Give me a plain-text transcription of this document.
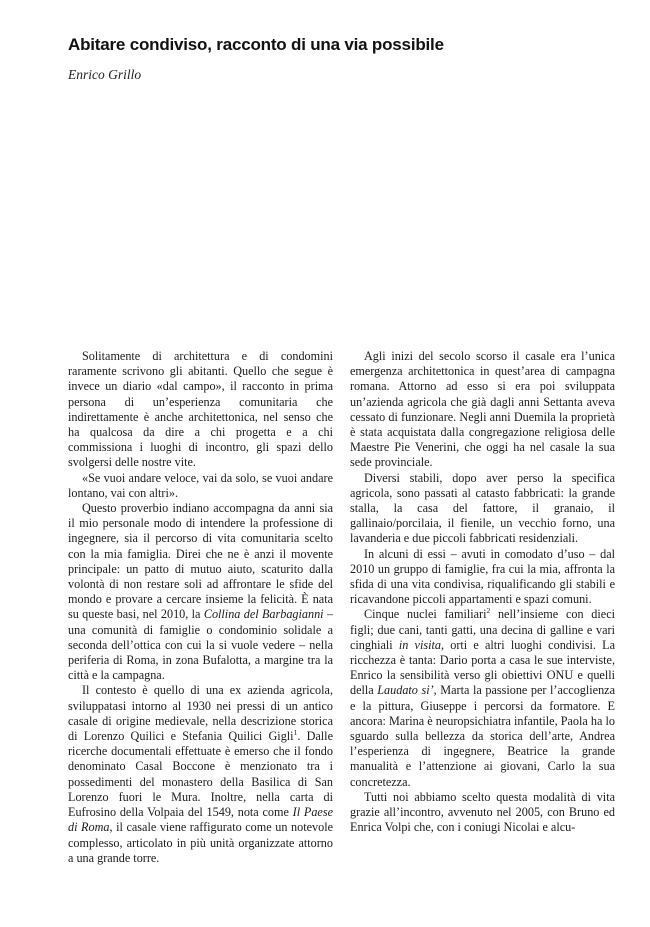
Abitare condiviso, racconto di una via possibile

Enrico Grillo

Solitamente di architettura e di condomini raramente scrivono gli abitanti. Quello che segue è invece un diario «dal campo», il racconto in prima persona di un’esperienza comunitaria che indirettamente è anche architettonica, nel senso che ha qualcosa da dire a chi progetta e a chi commissiona i luoghi di incontro, gli spazi dello svolgersi delle nostre vite.

«Se vuoi andare veloce, vai da solo, se vuoi andare lontano, vai con altri».

Questo proverbio indiano accompagna da anni sia il mio personale modo di intendere la professione di ingegnere, sia il percorso di vita comunitaria scelto con la mia famiglia. Direi che ne è anzi il movente principale: un patto di mutuo aiuto, scaturito dalla volontà di non restare soli ad affrontare le sfide del mondo e provare a cercare insieme la felicità. È nata su queste basi, nel 2010, la Collina del Barbagianni – una comunità di famiglie o condominio solidale a seconda dell’ottica con cui la si vuole vedere – nella periferia di Roma, in zona Bufalotta, a margine tra la città e la campagna.

Il contesto è quello di una ex azienda agricola, sviluppatasi intorno al 1930 nei pressi di un antico casale di origine medievale, nella descrizione storica di Lorenzo Quilici e Stefania Quilici Gigli$^1$. Dalle ricerche documentali effettuate è emerso che il fondo denominato Casal Boccone è menzionato tra i possedimenti del monastero della Basilica di San Lorenzo fuori le Mura. Inoltre, nella carta di Eufrosino della Volpaia del 1549, nota come Il Paese di Roma, il casale viene raffigurato come un notevole complesso, articolato in più unità organizzate attorno a una grande torre.

Agli inizi del secolo scorso il casale era l’unica emergenza architettonica in quest’area di campagna romana. Attorno ad esso si era poi sviluppata un’azienda agricola che già dagli anni Settanta aveva cessato di funzionare. Negli anni Duemila la proprietà è stata acquistata dalla congregazione religiosa delle Maestre Pie Venerini, che oggi ha nel casale la sua sede provinciale.

Diversi stabili, dopo aver perso la specifica agricola, sono passati al catasto fabbricati: la grande stalla, la casa del fattore, il granaio, il gallinaio/porcilaia, il fienile, un vecchio forno, una lavanderia e due piccoli fabbricati residenziali.

In alcuni di essi – avuti in comodato d’uso – dal 2010 un gruppo di famiglie, fra cui la mia, affronta la sfida di una vita condivisa, riqualificando gli stabili e ricavandone piccoli appartamenti e spazi comuni.

Cinque nuclei familiari$^2$ nell’insieme con dieci figli; due cani, tanti gatti, una decina di galline e vari cinghiali in visita, orti e altri luoghi condivisi. La ricchezza è tanta: Dario porta a casa le sue interviste, Enrico la sensibilità verso gli obiettivi ONU e quelli della Laudato si’, Marta la passione per l’accoglienza e la pittura, Giuseppe i percorsi da formatore. E ancora: Marina è neuropsichiatra infantile, Paola ha lo sguardo sulla bellezza da storica dell’arte, Andrea l’esperienza di ingegnere, Beatrice la grande manualità e l’attenzione ai giovani, Carlo la sua concretezza.

Tutti noi abbiamo scelto questa modalità di vita grazie all’incontro, avvenuto nel 2005, con Bruno ed Enrica Volpi che, con i coniugi Nicolai e alcu-
